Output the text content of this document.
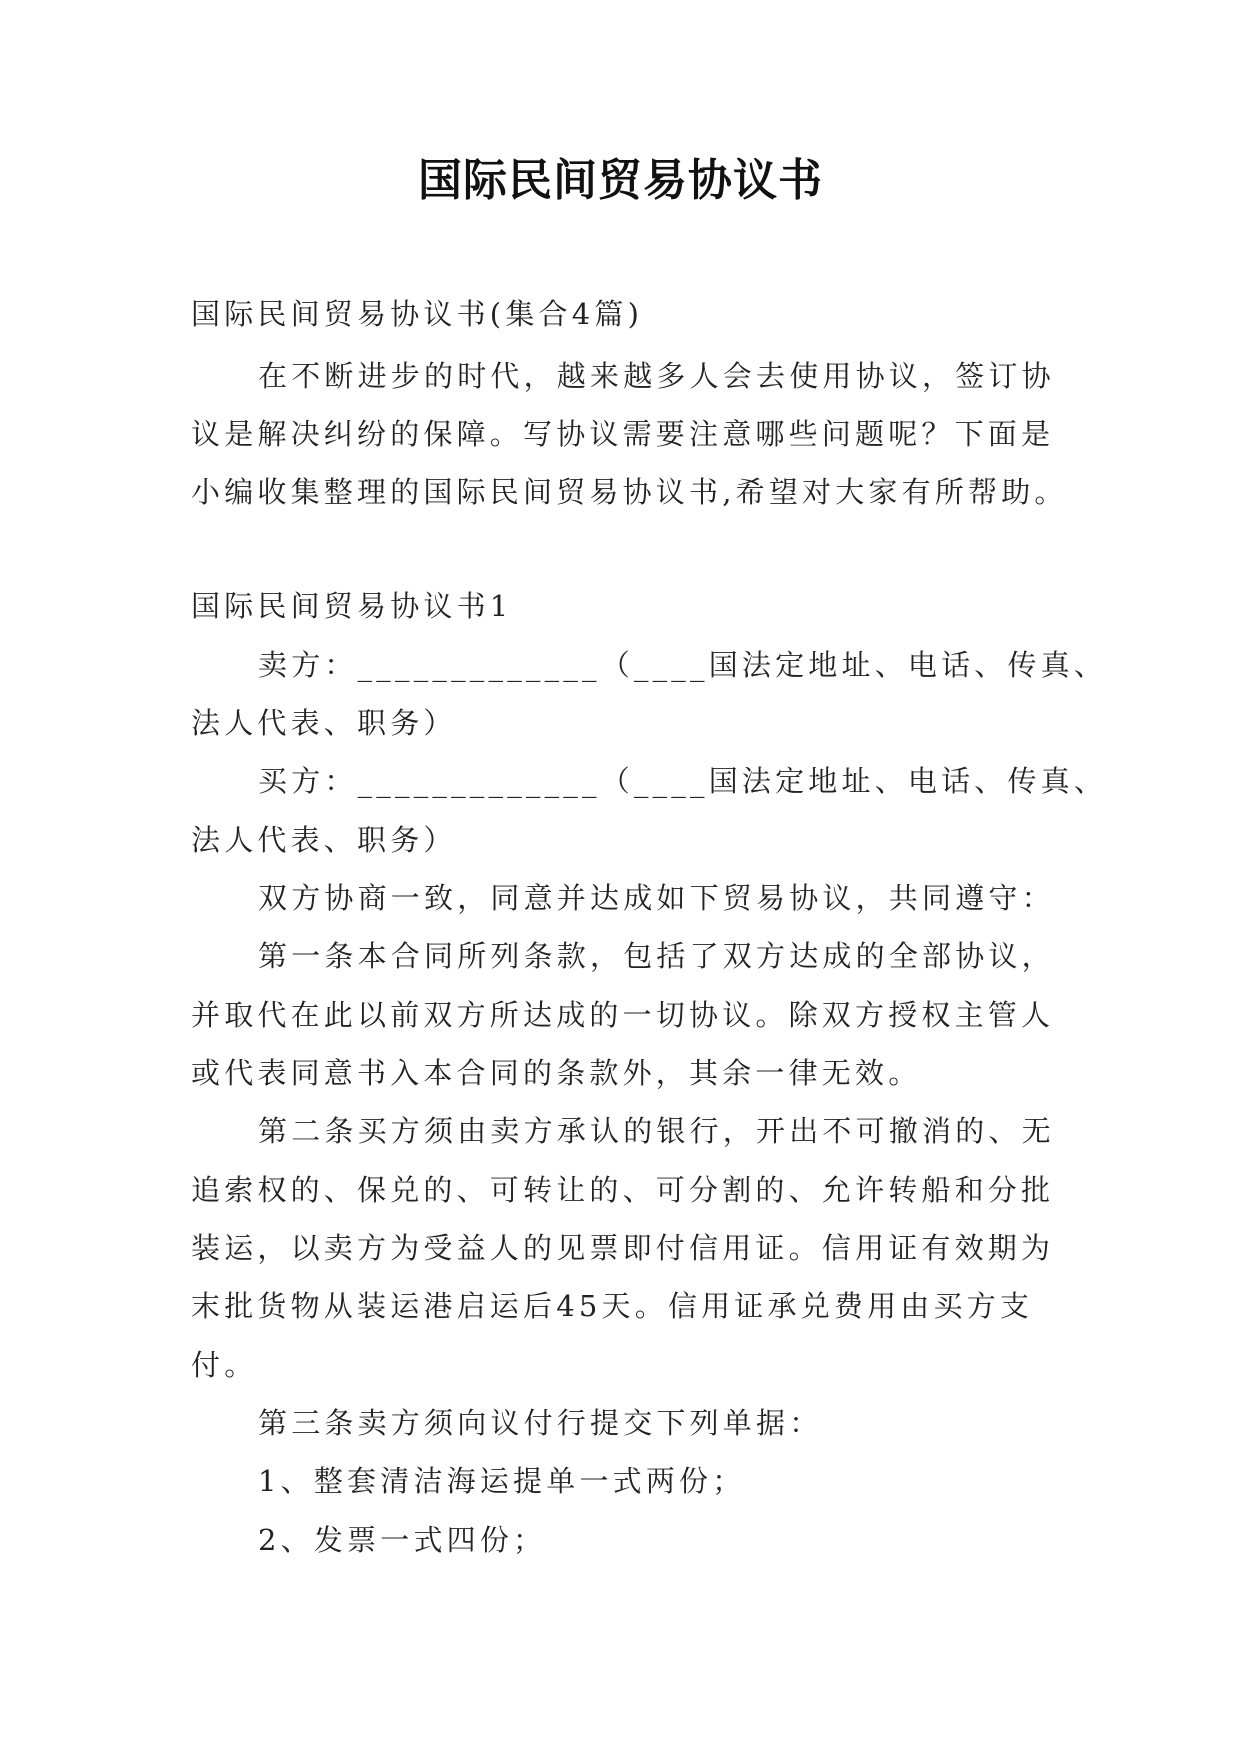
国际民间贸易协议书
国际民间贸易协议书(集合4篇)
在不断进步的时代，越来越多人会去使用协议，签订协
议是解决纠纷的保障。写协议需要注意哪些问题呢？下面是
小编收集整理的国际民间贸易协议书,希望对大家有所帮助。
国际民间贸易协议书1
卖方：_____________（____国法定地址、电话、传真、
法人代表、职务）
买方：_____________（____国法定地址、电话、传真、
法人代表、职务）
双方协商一致，同意并达成如下贸易协议，共同遵守：
第一条本合同所列条款，包括了双方达成的全部协议，
并取代在此以前双方所达成的一切协议。除双方授权主管人
或代表同意书入本合同的条款外，其余一律无效。
第二条买方须由卖方承认的银行，开出不可撤消的、无
追索权的、保兑的、可转让的、可分割的、允许转船和分批
装运，以卖方为受益人的见票即付信用证。信用证有效期为
末批货物从装运港启运后45天。信用证承兑费用由买方支
付。
第三条卖方须向议付行提交下列单据：
1、整套清洁海运提单一式两份；
2、发票一式四份；
